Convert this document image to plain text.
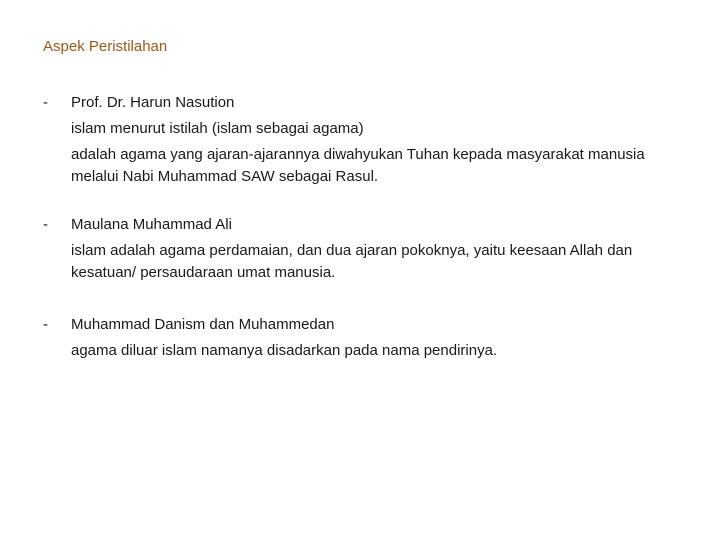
Aspek Peristilahan
- Prof. Dr. Harun Nasution

islam menurut istilah (islam sebagai agama)

adalah agama yang ajaran-ajarannya diwahyukan Tuhan kepada masyarakat manusia melalui Nabi Muhammad SAW sebagai Rasul.

- Maulana Muhammad Ali

islam adalah agama perdamaian, dan dua ajaran pokoknya, yaitu keesaan Allah dan kesatuan/ persaudaraan umat manusia.

- Muhammad Danism dan Muhammedan

agama diluar islam namanya disadarkan pada nama pendirinya.
